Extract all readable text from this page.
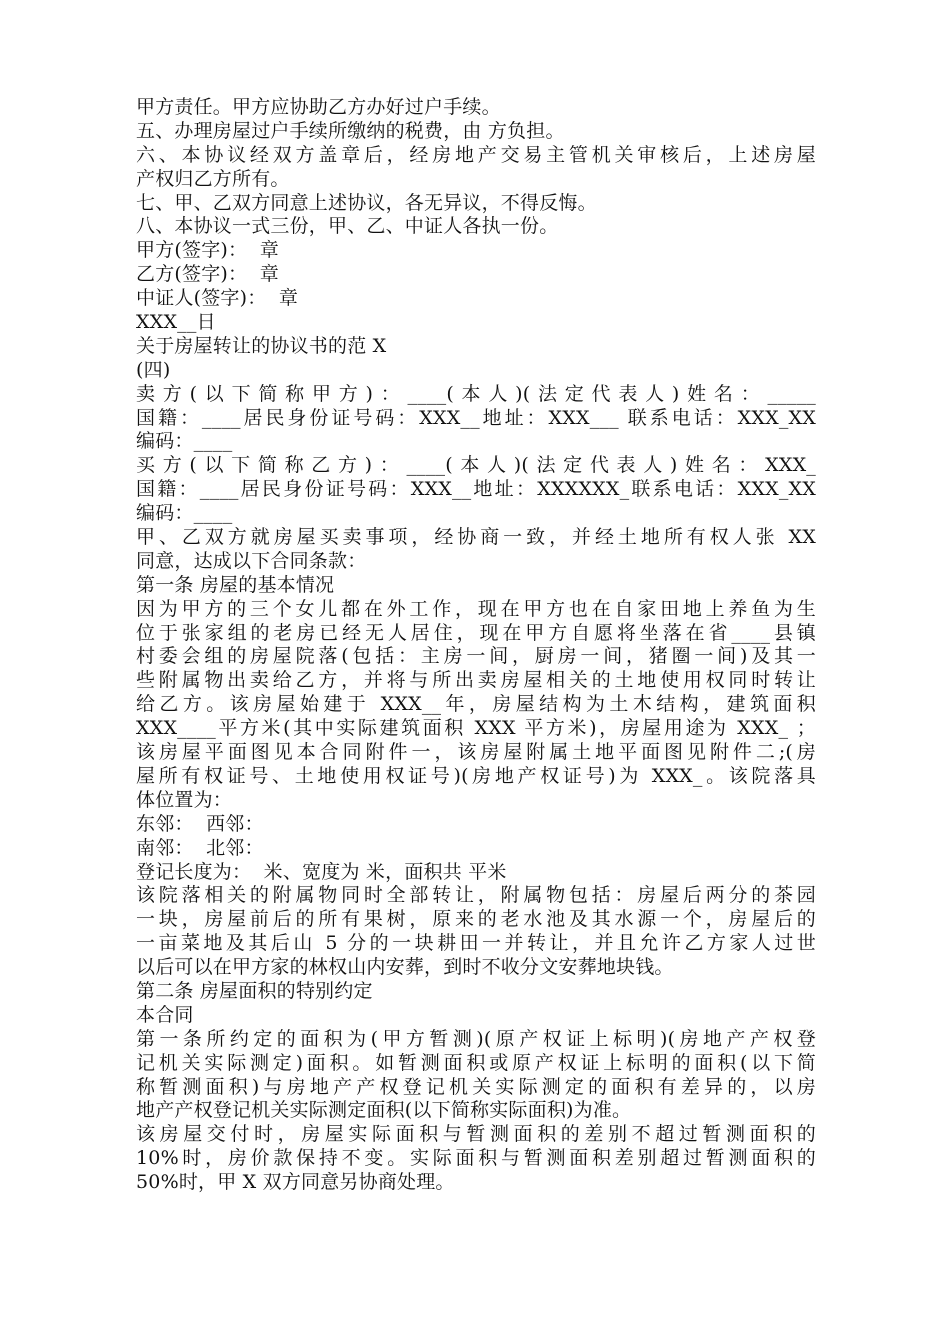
甲方责任。甲方应协助乙方办好过户手续。
五、办理房屋过户手续所缴纳的税费，由 方负担。
六、本协议经双方盖章后，经房地产交易主管机关审核后，上述房屋
产权归乙方所有。
七、甲、乙双方同意上述协议，各无异议，不得反悔。
八、本协议一式三份，甲、乙、中证人各执一份。
甲方(签字)：  章
乙方(签字)：  章
中证人(签字)：  章
XXX__日
关于房屋转让的协议书的范 X
(四)
卖方(以下简称甲方)：____(本人)(法定代表人)姓名：_____
国籍：____居民身份证号码：XXX__地址：XXX___ 联系电话：XXX_XX
编码：____
买方(以下简称乙方)：____(本人)(法定代表人)姓名：XXX_
国籍：____居民身份证号码：XXX__地址：XXXXXX_联系电话：XXX_XX
编码：____
甲、乙双方就房屋买卖事项，经协商一致，并经土地所有权人张 XX
同意，达成以下合同条款：
第一条 房屋的基本情况
因为甲方的三个女儿都在外工作，现在甲方也在自家田地上养鱼为生
位于张家组的老房已经无人居住，现在甲方自愿将坐落在省____县镇
村委会组的房屋院落(包括：主房一间，厨房一间，猪圈一间)及其一
些附属物出卖给乙方，并将与所出卖房屋相关的土地使用权同时转让
给乙方。该房屋始建于 XXX__年，房屋结构为土木结构，建筑面积
XXX____平方米(其中实际建筑面积 XXX 平方米)，房屋用途为 XXX_ ；
该房屋平面图见本合同附件一，该房屋附属土地平面图见附件二;(房
屋所有权证号、土地使用权证号)(房地产权证号)为 XXX_。该院落具
体位置为：
东邻：  西邻：
南邻：  北邻：
登记长度为：  米、宽度为 米，面积共 平米
该院落相关的附属物同时全部转让，附属物包括：房屋后两分的茶园
一块，房屋前后的所有果树，原来的老水池及其水源一个，房屋后的
一亩菜地及其后山 5 分的一块耕田一并转让，并且允许乙方家人过世
以后可以在甲方家的林权山内安葬，到时不收分文安葬地块钱。
第二条 房屋面积的特别约定
本合同
第一条所约定的面积为(甲方暂测)(原产权证上标明)(房地产产权登
记机关实际测定)面积。如暂测面积或原产权证上标明的面积(以下简
称暂测面积)与房地产产权登记机关实际测定的面积有差异的，以房
地产产权登记机关实际测定面积(以下简称实际面积)为准。
该房屋交付时，房屋实际面积与暂测面积的差别不超过暂测面积的
10%时，房价款保持不变。实际面积与暂测面积差别超过暂测面积的
50%时，甲 X 双方同意另协商处理。
